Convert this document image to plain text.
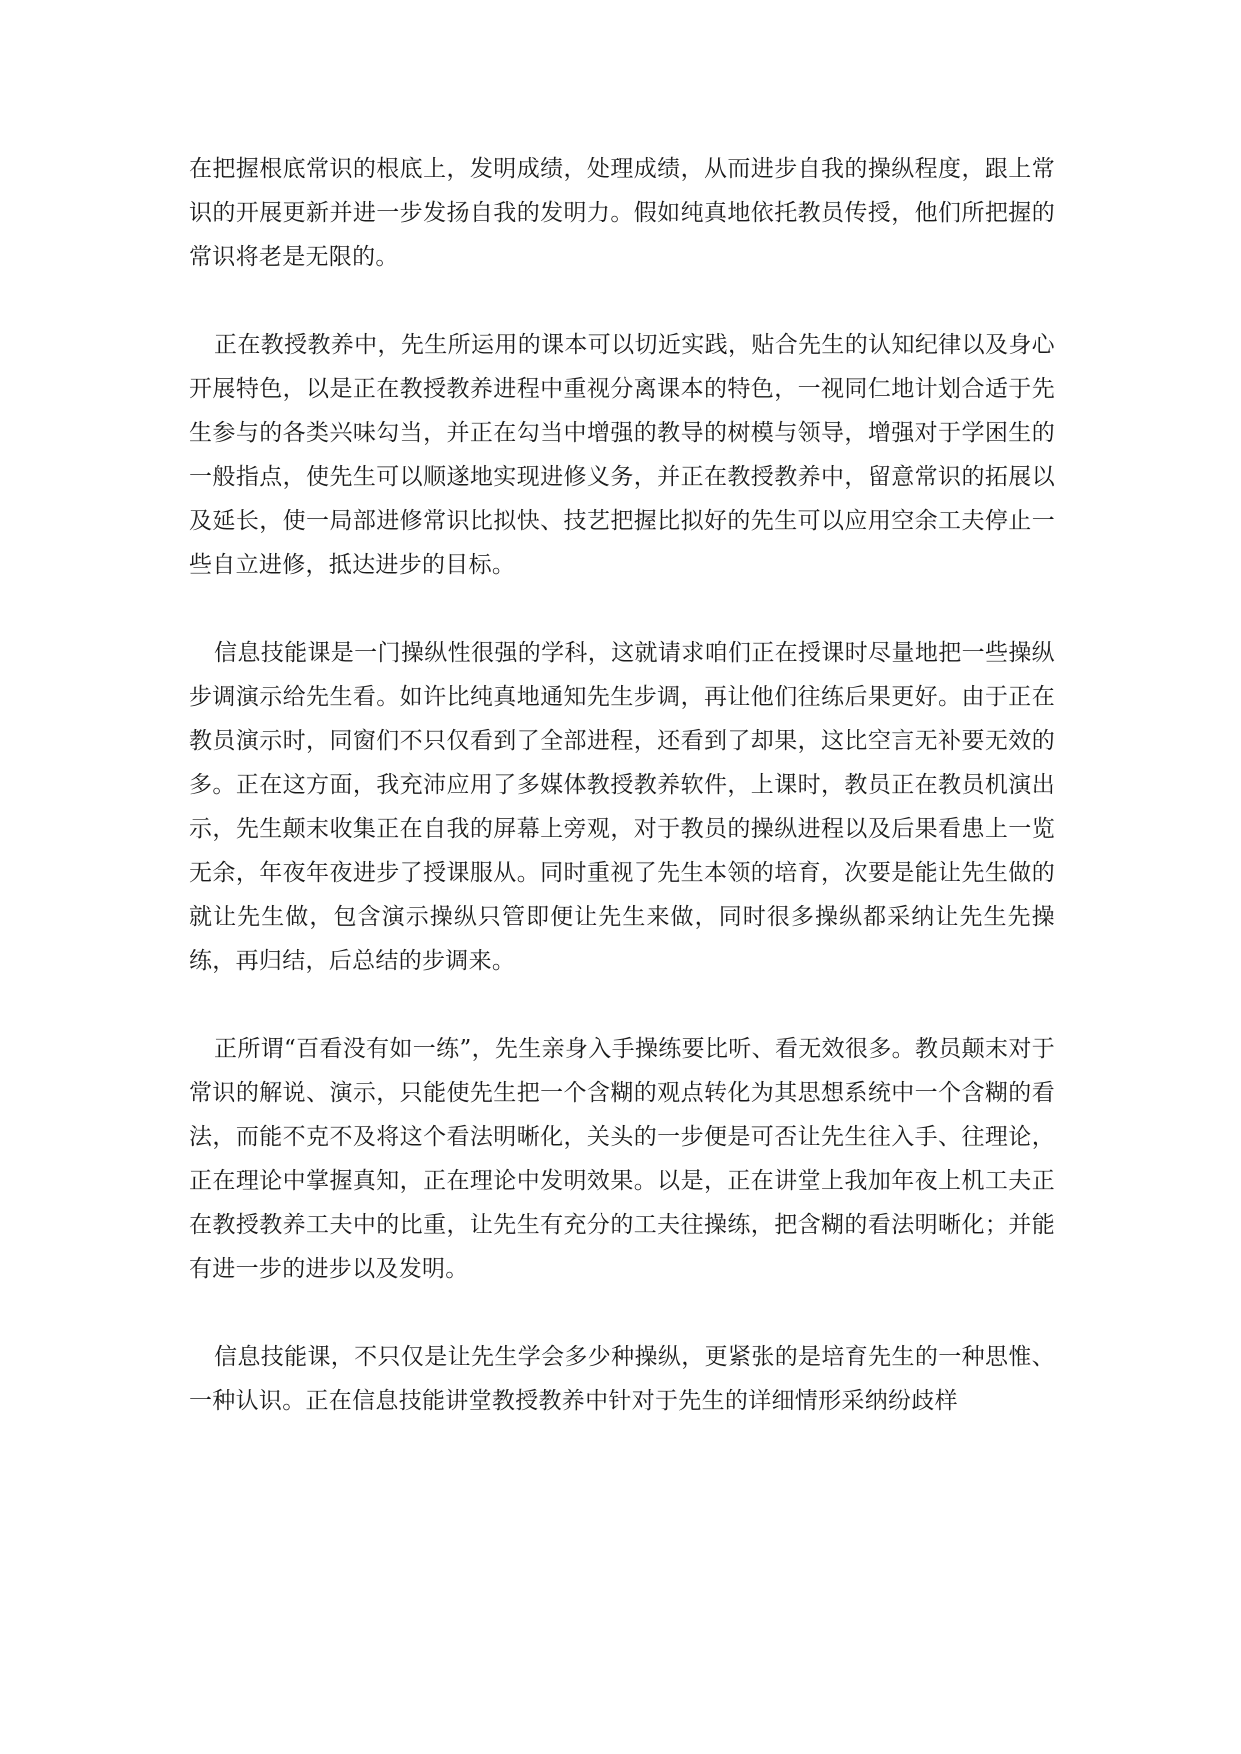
在把握根底常识的根底上，发明成绩，处理成绩，从而进步自我的操纵程度，跟上常识的开展更新并进一步发扬自我的发明力。假如纯真地依托教员传授，他们所把握的常识将老是无限的。

正在教授教养中，先生所运用的课本可以切近实践，贴合先生的认知纪律以及身心开展特色，以是正在教授教养进程中重视分离课本的特色，一视同仁地计划合适于先生参与的各类兴味勾当，并正在勾当中增强的教导的树模与领导，增强对于学困生的一般指点，使先生可以顺遂地实现进修义务，并正在教授教养中，留意常识的拓展以及延长，使一局部进修常识比拟快、技艺把握比拟好的先生可以应用空余工夫停止一些自立进修，抵达进步的目标。

信息技能课是一门操纵性很强的学科，这就请求咱们正在授课时尽量地把一些操纵步调演示给先生看。如许比纯真地通知先生步调，再让他们往练后果更好。由于正在教员演示时，同窗们不只仅看到了全部进程，还看到了却果，这比空言无补要无效的多。正在这方面，我充沛应用了多媒体教授教养软件，上课时，教员正在教员机演出示，先生颠末收集正在自我的屏幕上旁观，对于教员的操纵进程以及后果看患上一览无余，年夜年夜进步了授课服从。同时重视了先生本领的培育，次要是能让先生做的就让先生做，包含演示操纵只管即便让先生来做，同时很多操纵都采纳让先生先操练，再归结，后总结的步调来。

正所谓“百看没有如一练”，先生亲身入手操练要比听、看无效很多。教员颠末对于常识的解说、演示，只能使先生把一个含糊的观点转化为其思想系统中一个含糊的看法，而能不克不及将这个看法明晰化，关头的一步便是可否让先生往入手、往理论，正在理论中掌握真知，正在理论中发明效果。以是，正在讲堂上我加年夜上机工夫正在教授教养工夫中的比重，让先生有充分的工夫往操练，把含糊的看法明晰化；并能有进一步的进步以及发明。

信息技能课，不只仅是让先生学会多少种操纵，更紧张的是培育先生的一种思惟、一种认识。正在信息技能讲堂教授教养中针对于先生的详细情形采纳纷歧样
